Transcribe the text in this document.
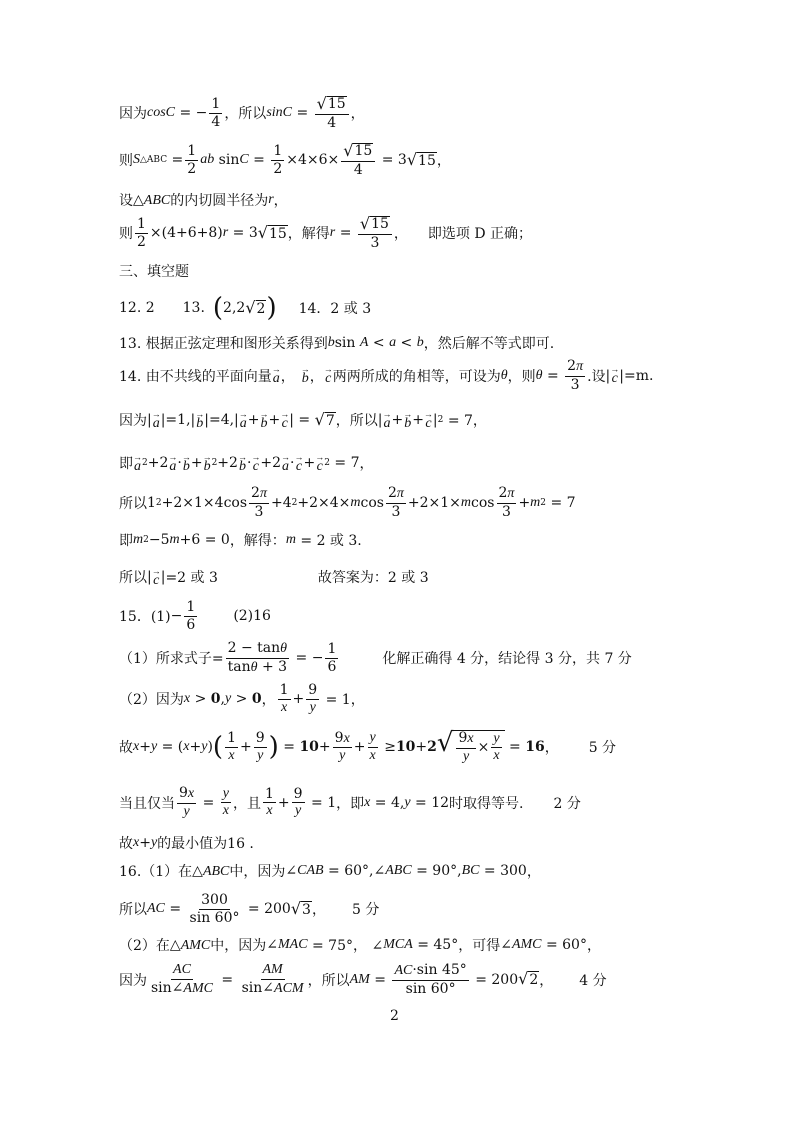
因为 cos C = − $\frac{1}{4}$ ，所以 $\sin C = \frac{√ 15}{4}$ ，
则 S △ABC = $\frac{1}{2}$ ab $\sin C = \frac{1}{2} \times 4\times 6\times \frac{√ 15}{4} = 3$ √ 15 ，
设 △ABC 的内切圆半径为 r ，
则 $\frac{1}{2} \times(4+6+8) r = 3$ √ 15 ，解得 $r = \frac{√ 15}{3}$ ， 即选项 D 正确；
三、填空题
12. 2 13. ( 2,2 √ 2 ) 14．2 或 3
13. 根据正弦定理和图形关系得到 b sin A < a < b ，然后解不等式即可.
14. 由不共线的平面向量 →
a ， →
b ， →
c 两两所成的角相等，可设为 θ ，则 $\theta = \frac{2\pi}{3}$ .设 | →
c | =m.
因为 | →
a |=1,| →
b |=4,| →
a + →
b + →
c | = √ 7 ，所以 | →
a + →
b + →
c | 2
= 7，
即 →
a 2 +2 →
a · →
b + →
b 2 +2 →
b · →
c +2 →
a · →
c + →
c 2 = 7 ，
所以 1 $2 +2\times 1\times 4\cos \frac{2\pi}{3} +4$ 2 +2×4× m $\cos \frac{2\pi}{3} +2\times 1\times m$ $\cos \frac{2\pi}{3} + m$ 2 = 7
即 m 2 −5 m +6 = 0 ，解得： m
= 2 或 3.
所以 | →
c | =2 或 3	故答案为：2 或 3
15．$(1) - \frac{1}{6}$	(2)16
（1）所求式子= $\frac{2 - \tan\theta}{\tan\theta + 3}$ = − $\frac{1}{6}$	化解正确得 4 分，结论得 3 分，共 7 分
（2）因为 x > 0 , y > 0 ， $\frac{1}{x} + \frac{9}{y} = 1$，
故 x + y = ( x + y ) ( $\frac{1}{x} + \frac{9}{y}$ ) = $10 + \frac{9x}{y} + \frac{y}{x} \ge 10 + 2$ √ $\frac{9x}{y} \times \frac{y}{x} = 16$ ， 5 分
当且仅当 $\frac{9x}{y} = \frac{y}{x}$ ，且 $\frac{1}{x} + \frac{9}{y} = 1$ ，即 x = 4, y = 12 时取得等号. 2 分
故 x + y 的最小值为16 .
16.（1）在 △ABC 中，因为 ∠ CAB = 60°,∠ ABC = 90°, BC = 300 ，
所以 AC = $\frac{300}{\sin 60^\circ} = 200$ √ 3 ， 5 分
（2）在 △AMC 中，因为 ∠ MAC = 75°， ∠ MCA = 45° ，可得 ∠ AMC = 60° ，
因为 $\frac{AC}{\text{sin∠AMC}} = \frac{AM}{\text{sin∠ACM}}$ ，所以 AM = $\frac{AC\cdot\sin 45^\circ}{\sin 60^\circ} = 200$ √ 2 ， 4 分
2
